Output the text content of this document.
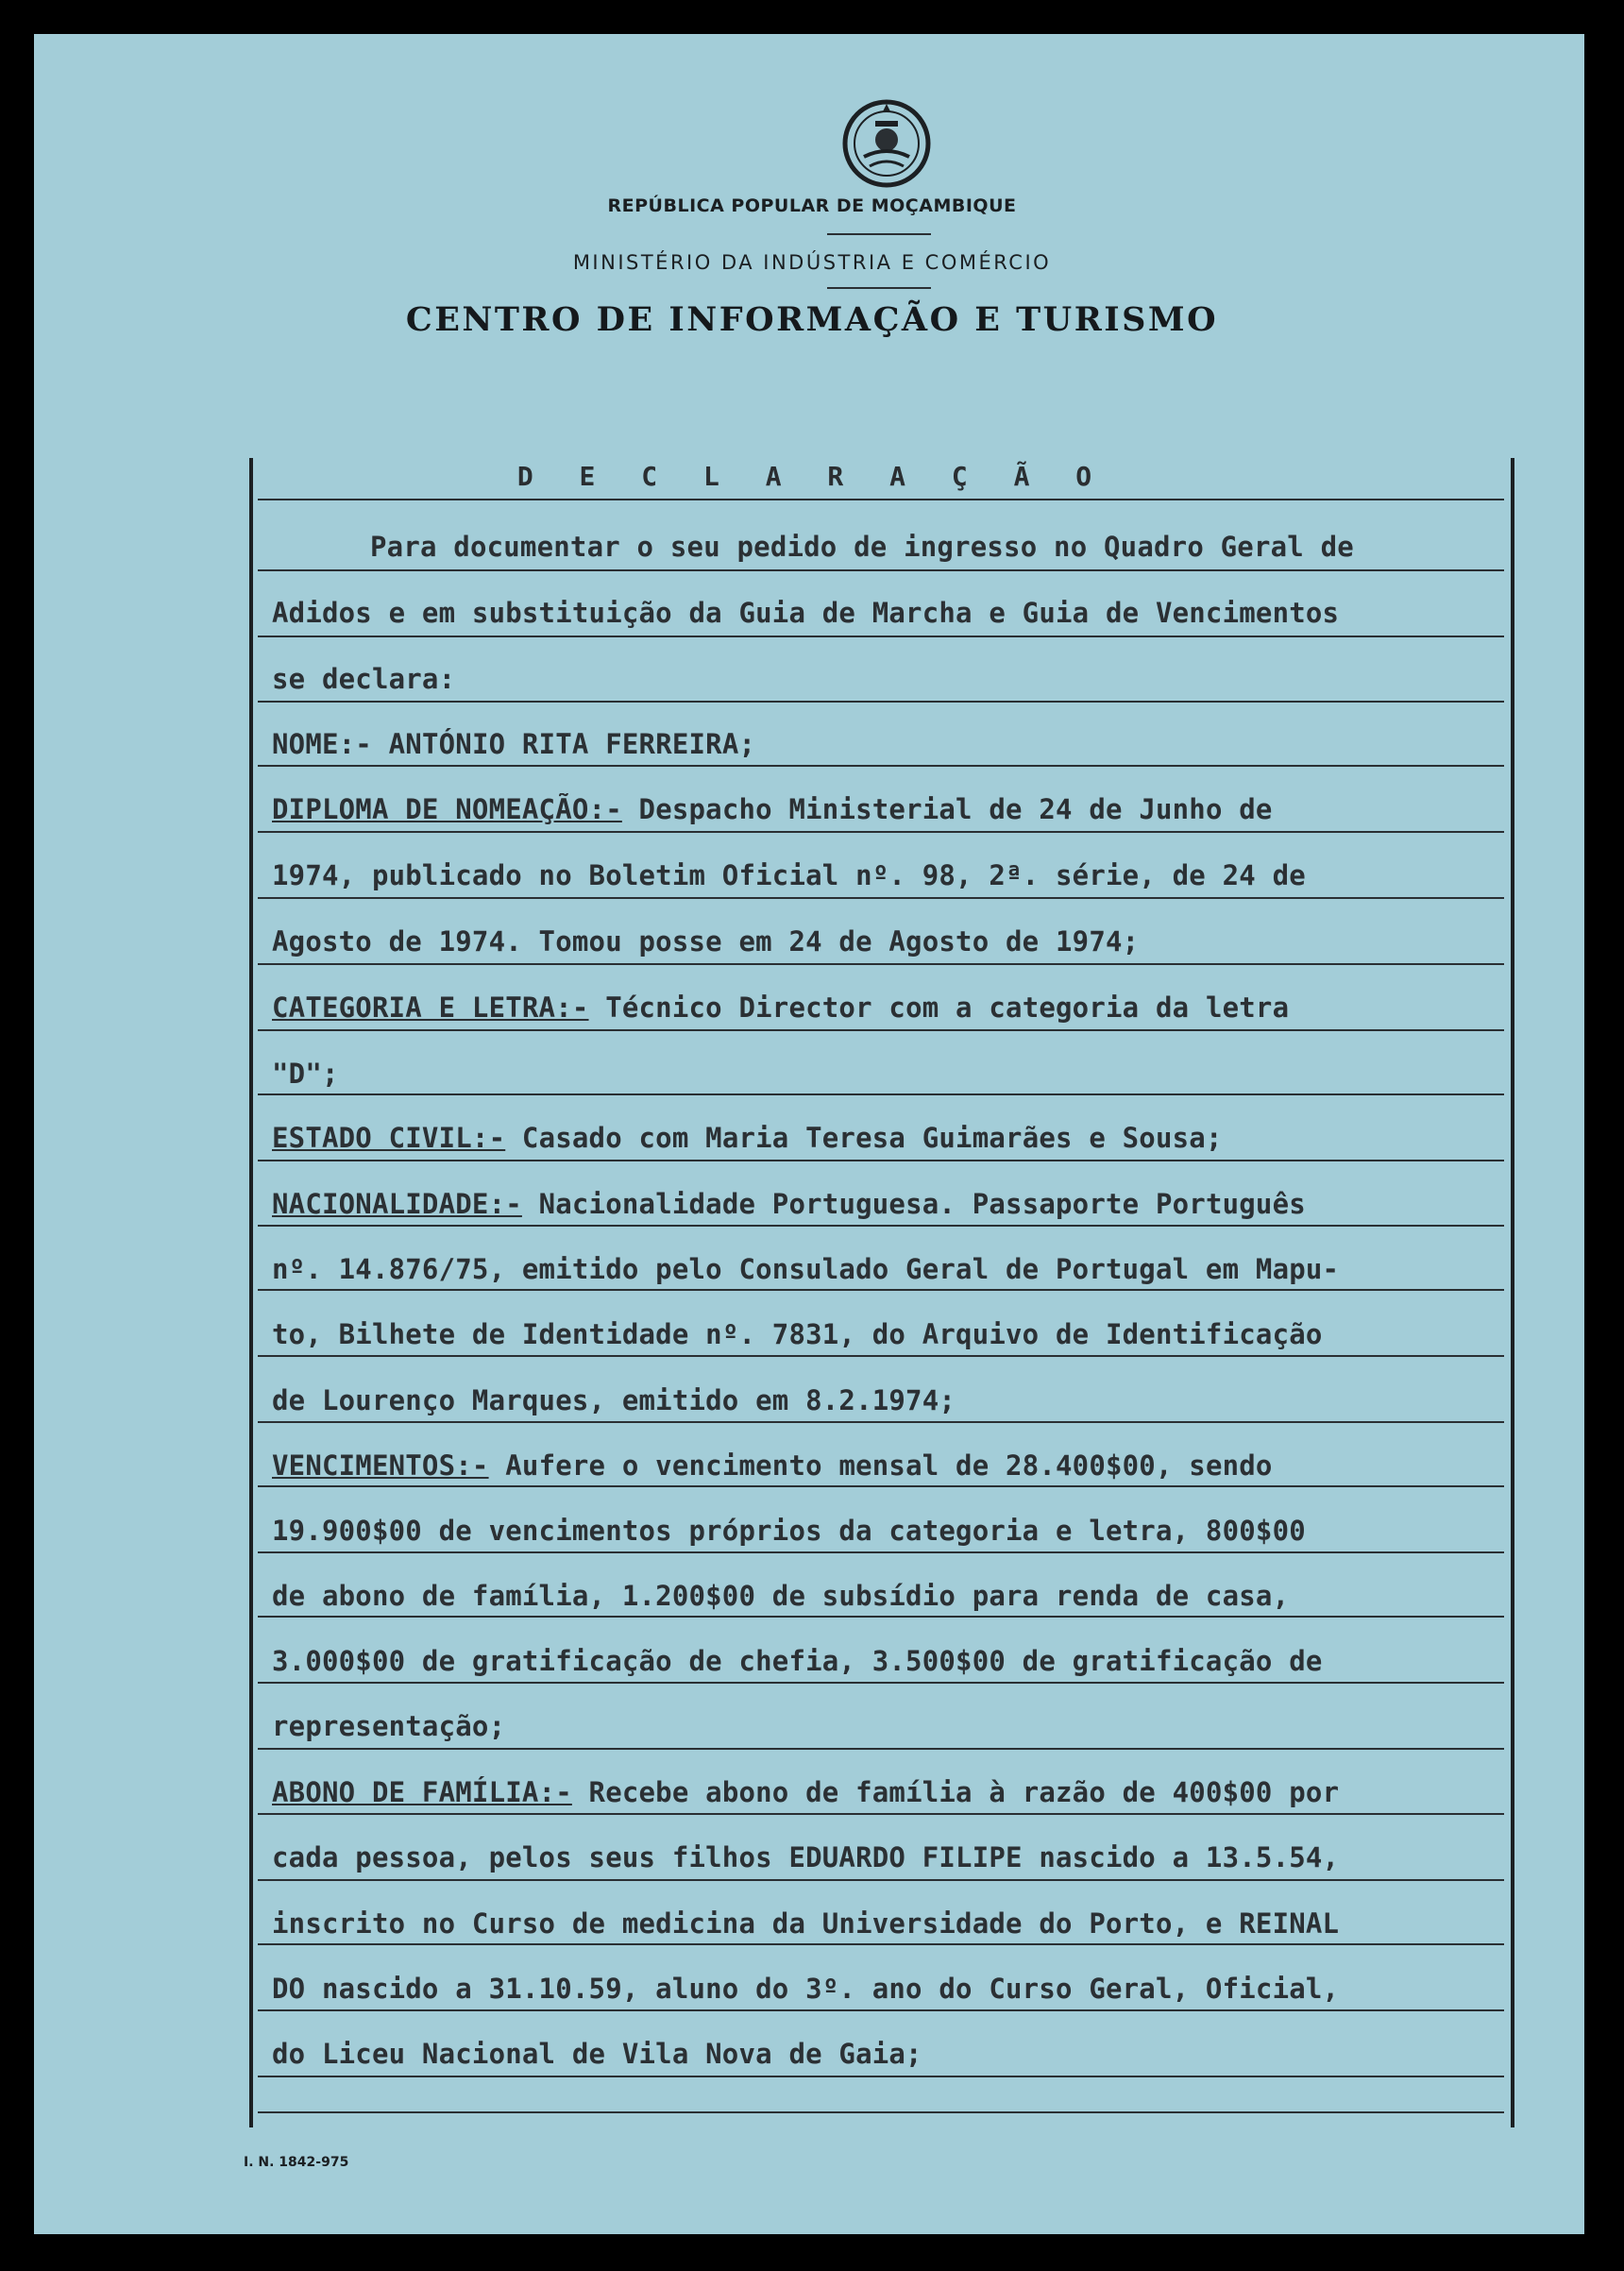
REPÚBLICA POPULAR DE MOÇAMBIQUE
MINISTÉRIO DA INDÚSTRIA E COMÉRCIO
CENTRO DE INFORMAÇÃO E TURISMO
D E C L A R A Ç Ã O
Para documentar o seu pedido de ingresso no Quadro Geral de
Adidos e em substituição da Guia de Marcha e Guia de Vencimentos
se declara:
NOME:- ANTÓNIO RITA FERREIRA;
DIPLOMA DE NOMEAÇÃO:- Despacho Ministerial de 24 de Junho de
1974, publicado no Boletim Oficial nº. 98, 2ª. série, de 24 de
Agosto de 1974. Tomou posse em 24 de Agosto de 1974;
CATEGORIA E LETRA:- Técnico Director com a categoria da letra
"D";
ESTADO CIVIL:- Casado com Maria Teresa Guimarães e Sousa;
NACIONALIDADE:- Nacionalidade Portuguesa. Passaporte Português
nº. 14.876/75, emitido pelo Consulado Geral de Portugal em Mapu-
to, Bilhete de Identidade nº. 7831, do Arquivo de Identificação
de Lourenço Marques, emitido em 8.2.1974;
VENCIMENTOS:- Aufere o vencimento mensal de 28.400$00, sendo
19.900$00 de vencimentos próprios da categoria e letra, 800$00
de abono de família, 1.200$00 de subsídio para renda de casa,
3.000$00 de gratificação de chefia, 3.500$00 de gratificação de
representação;
ABONO DE FAMÍLIA:- Recebe abono de família à razão de 400$00 por
cada pessoa, pelos seus filhos EDUARDO FILIPE nascido a 13.5.54,
inscrito no Curso de medicina da Universidade do Porto, e REINAL
DO nascido a 31.10.59, aluno do 3º. ano do Curso Geral, Oficial,
do Liceu Nacional de Vila Nova de Gaia;
I. N. 1842-975
